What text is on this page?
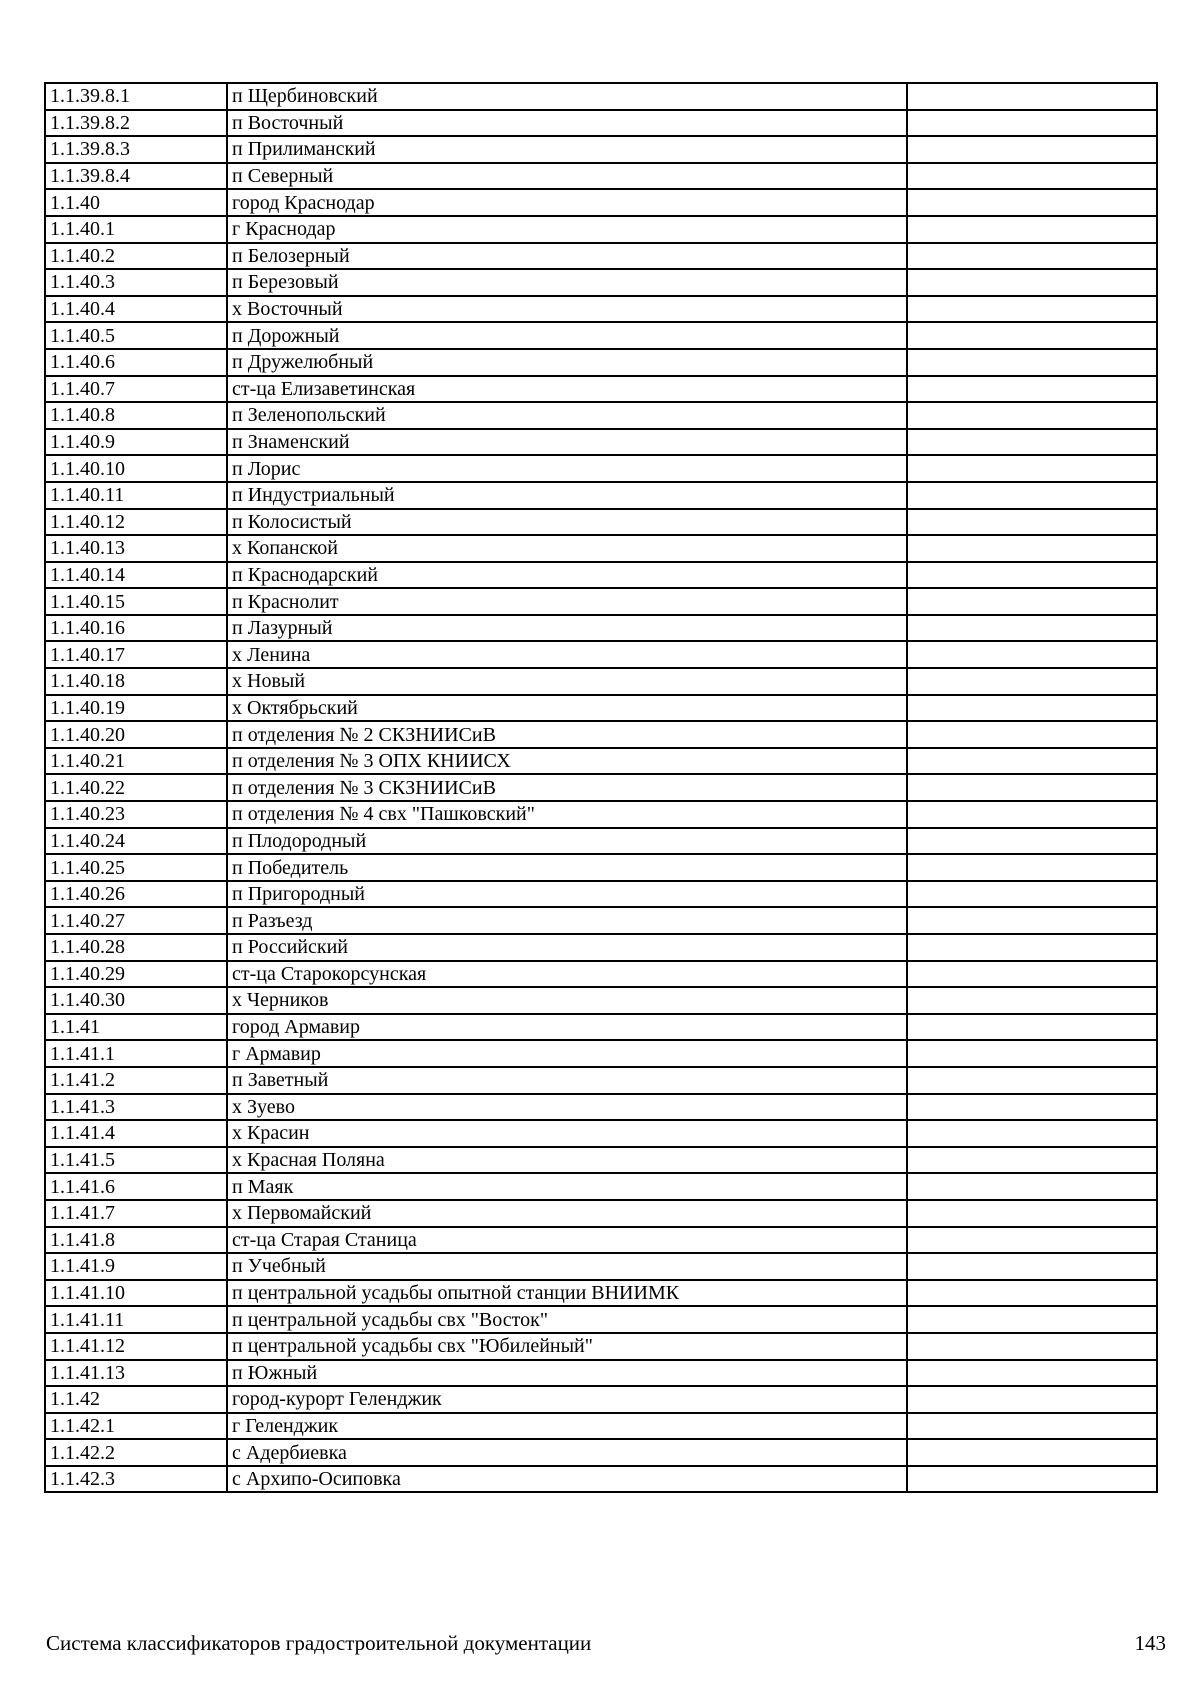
1.1.39.8.1	п Щербиновский	
1.1.39.8.2	п Восточный	
1.1.39.8.3	п Прилиманский	
1.1.39.8.4	п Северный	
1.1.40	город Краснодар	
1.1.40.1	г Краснодар	
1.1.40.2	п Белозерный	
1.1.40.3	п Березовый	
1.1.40.4	х Восточный	
1.1.40.5	п Дорожный	
1.1.40.6	п Дружелюбный	
1.1.40.7	ст-ца Елизаветинская	
1.1.40.8	п Зеленопольский	
1.1.40.9	п Знаменский	
1.1.40.10	п Лорис	
1.1.40.11	п Индустриальный	
1.1.40.12	п Колосистый	
1.1.40.13	х Копанской	
1.1.40.14	п Краснодарский	
1.1.40.15	п Краснолит	
1.1.40.16	п Лазурный	
1.1.40.17	х Ленина	
1.1.40.18	х Новый	
1.1.40.19	х Октябрьский	
1.1.40.20	п отделения № 2 СКЗНИИСиВ	
1.1.40.21	п отделения № 3 ОПХ КНИИСХ	
1.1.40.22	п отделения № 3 СКЗНИИСиВ	
1.1.40.23	п отделения № 4 свх "Пашковский"	
1.1.40.24	п Плодородный	
1.1.40.25	п Победитель	
1.1.40.26	п Пригородный	
1.1.40.27	п Разъезд	
1.1.40.28	п Российский	
1.1.40.29	ст-ца Старокорсунская	
1.1.40.30	х Черников	
1.1.41	город Армавир	
1.1.41.1	г Армавир	
1.1.41.2	п Заветный	
1.1.41.3	х Зуево	
1.1.41.4	х Красин	
1.1.41.5	х Красная Поляна	
1.1.41.6	п Маяк	
1.1.41.7	х Первомайский	
1.1.41.8	ст-ца Старая Станица	
1.1.41.9	п Учебный	
1.1.41.10	п центральной усадьбы опытной станции ВНИИМК	
1.1.41.11	п центральной усадьбы свх "Восток"	
1.1.41.12	п центральной усадьбы свх "Юбилейный"	
1.1.41.13	п Южный	
1.1.42	город-курорт Геленджик	
1.1.42.1	г Геленджик	
1.1.42.2	с Адербиевка	
1.1.42.3	с Архипо-Осиповка	
Система классификаторов градостроительной документации	143
